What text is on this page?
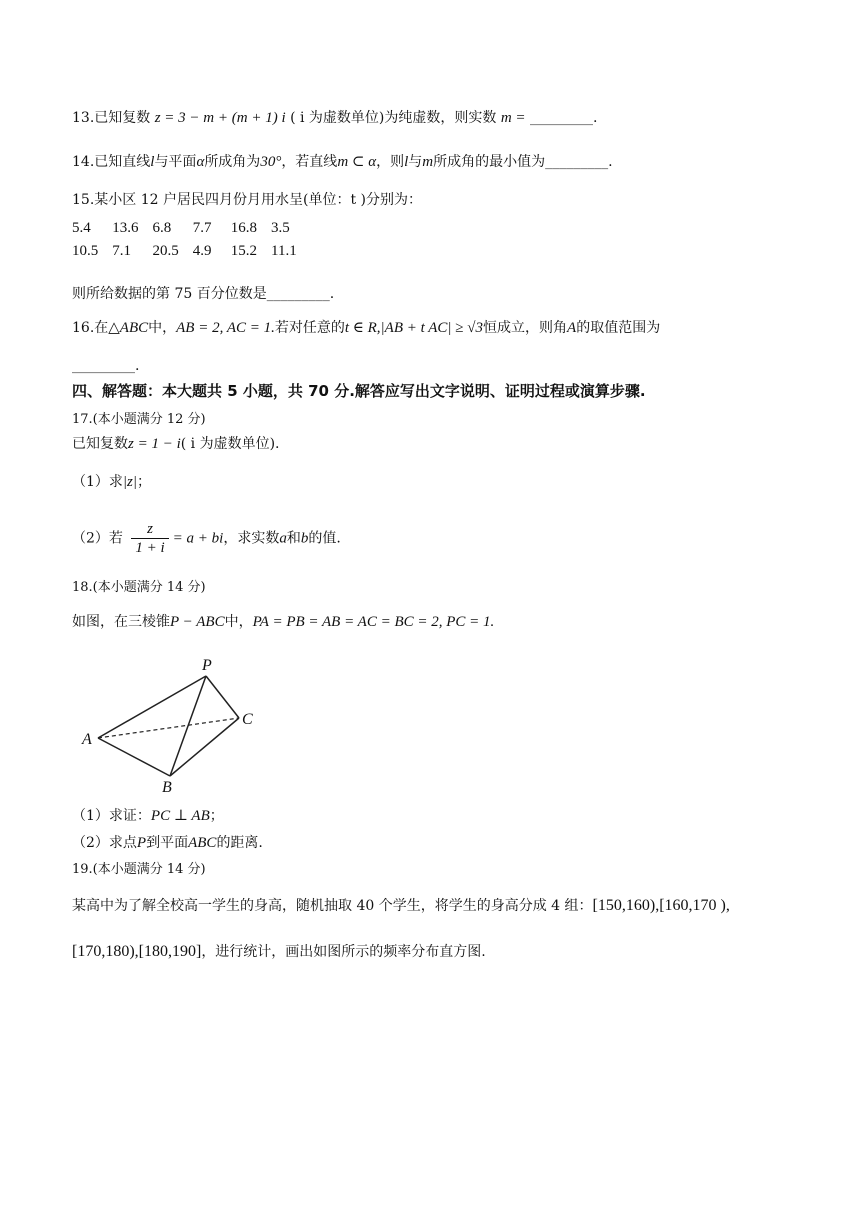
13.已知复数 z = 3 − m + (m + 1) i ( i 为虚数单位)为纯虚数，则实数 m = _________.
14.已知直线l与平面α所成角为30°，若直线m ⊂ α，则l与m所成角的最小值为_________.
15.某小区 12 户居民四月份月用水呈(单位：t )分别为：
5.4	13.6	6.8	7.7	16.8	3.5
10.5	7.1	20.5	4.9	15.2	11.1
则所给数据的第 75 百分位数是_________.
16.在△ABC中，AB = 2, AC = 1.若对任意的t ∈ R,|AB + t AC| ≥ √3恒成立，则角A的取值范围为
_________.
四、解答题：本大题共 5 小题，共 70 分.解答应写出文字说明、证明过程或演算步骤.
17.(本小题满分 12 分)
已知复数z = 1 − i( i 为虚数单位).
（1）求|z|；
（2）若 $\frac{z}{1 + i} = a$ + bi，求实数a和b的值.
18.(本小题满分 14 分)
如图，在三棱锥P − ABC中，PA = PB = AB = AC = BC = 2, PC = 1.
P
A
B
C
（1）求证：PC ⊥ AB；
（2）求点P到平面ABC的距离.
19.(本小题满分 14 分)
某高中为了解全校高一学生的身高，随机抽取 40 个学生，将学生的身高分成 4 组：[150,160),[160,170 ),
[170,180),[180,190]，进行统计，画出如图所示的频率分布直方图.
